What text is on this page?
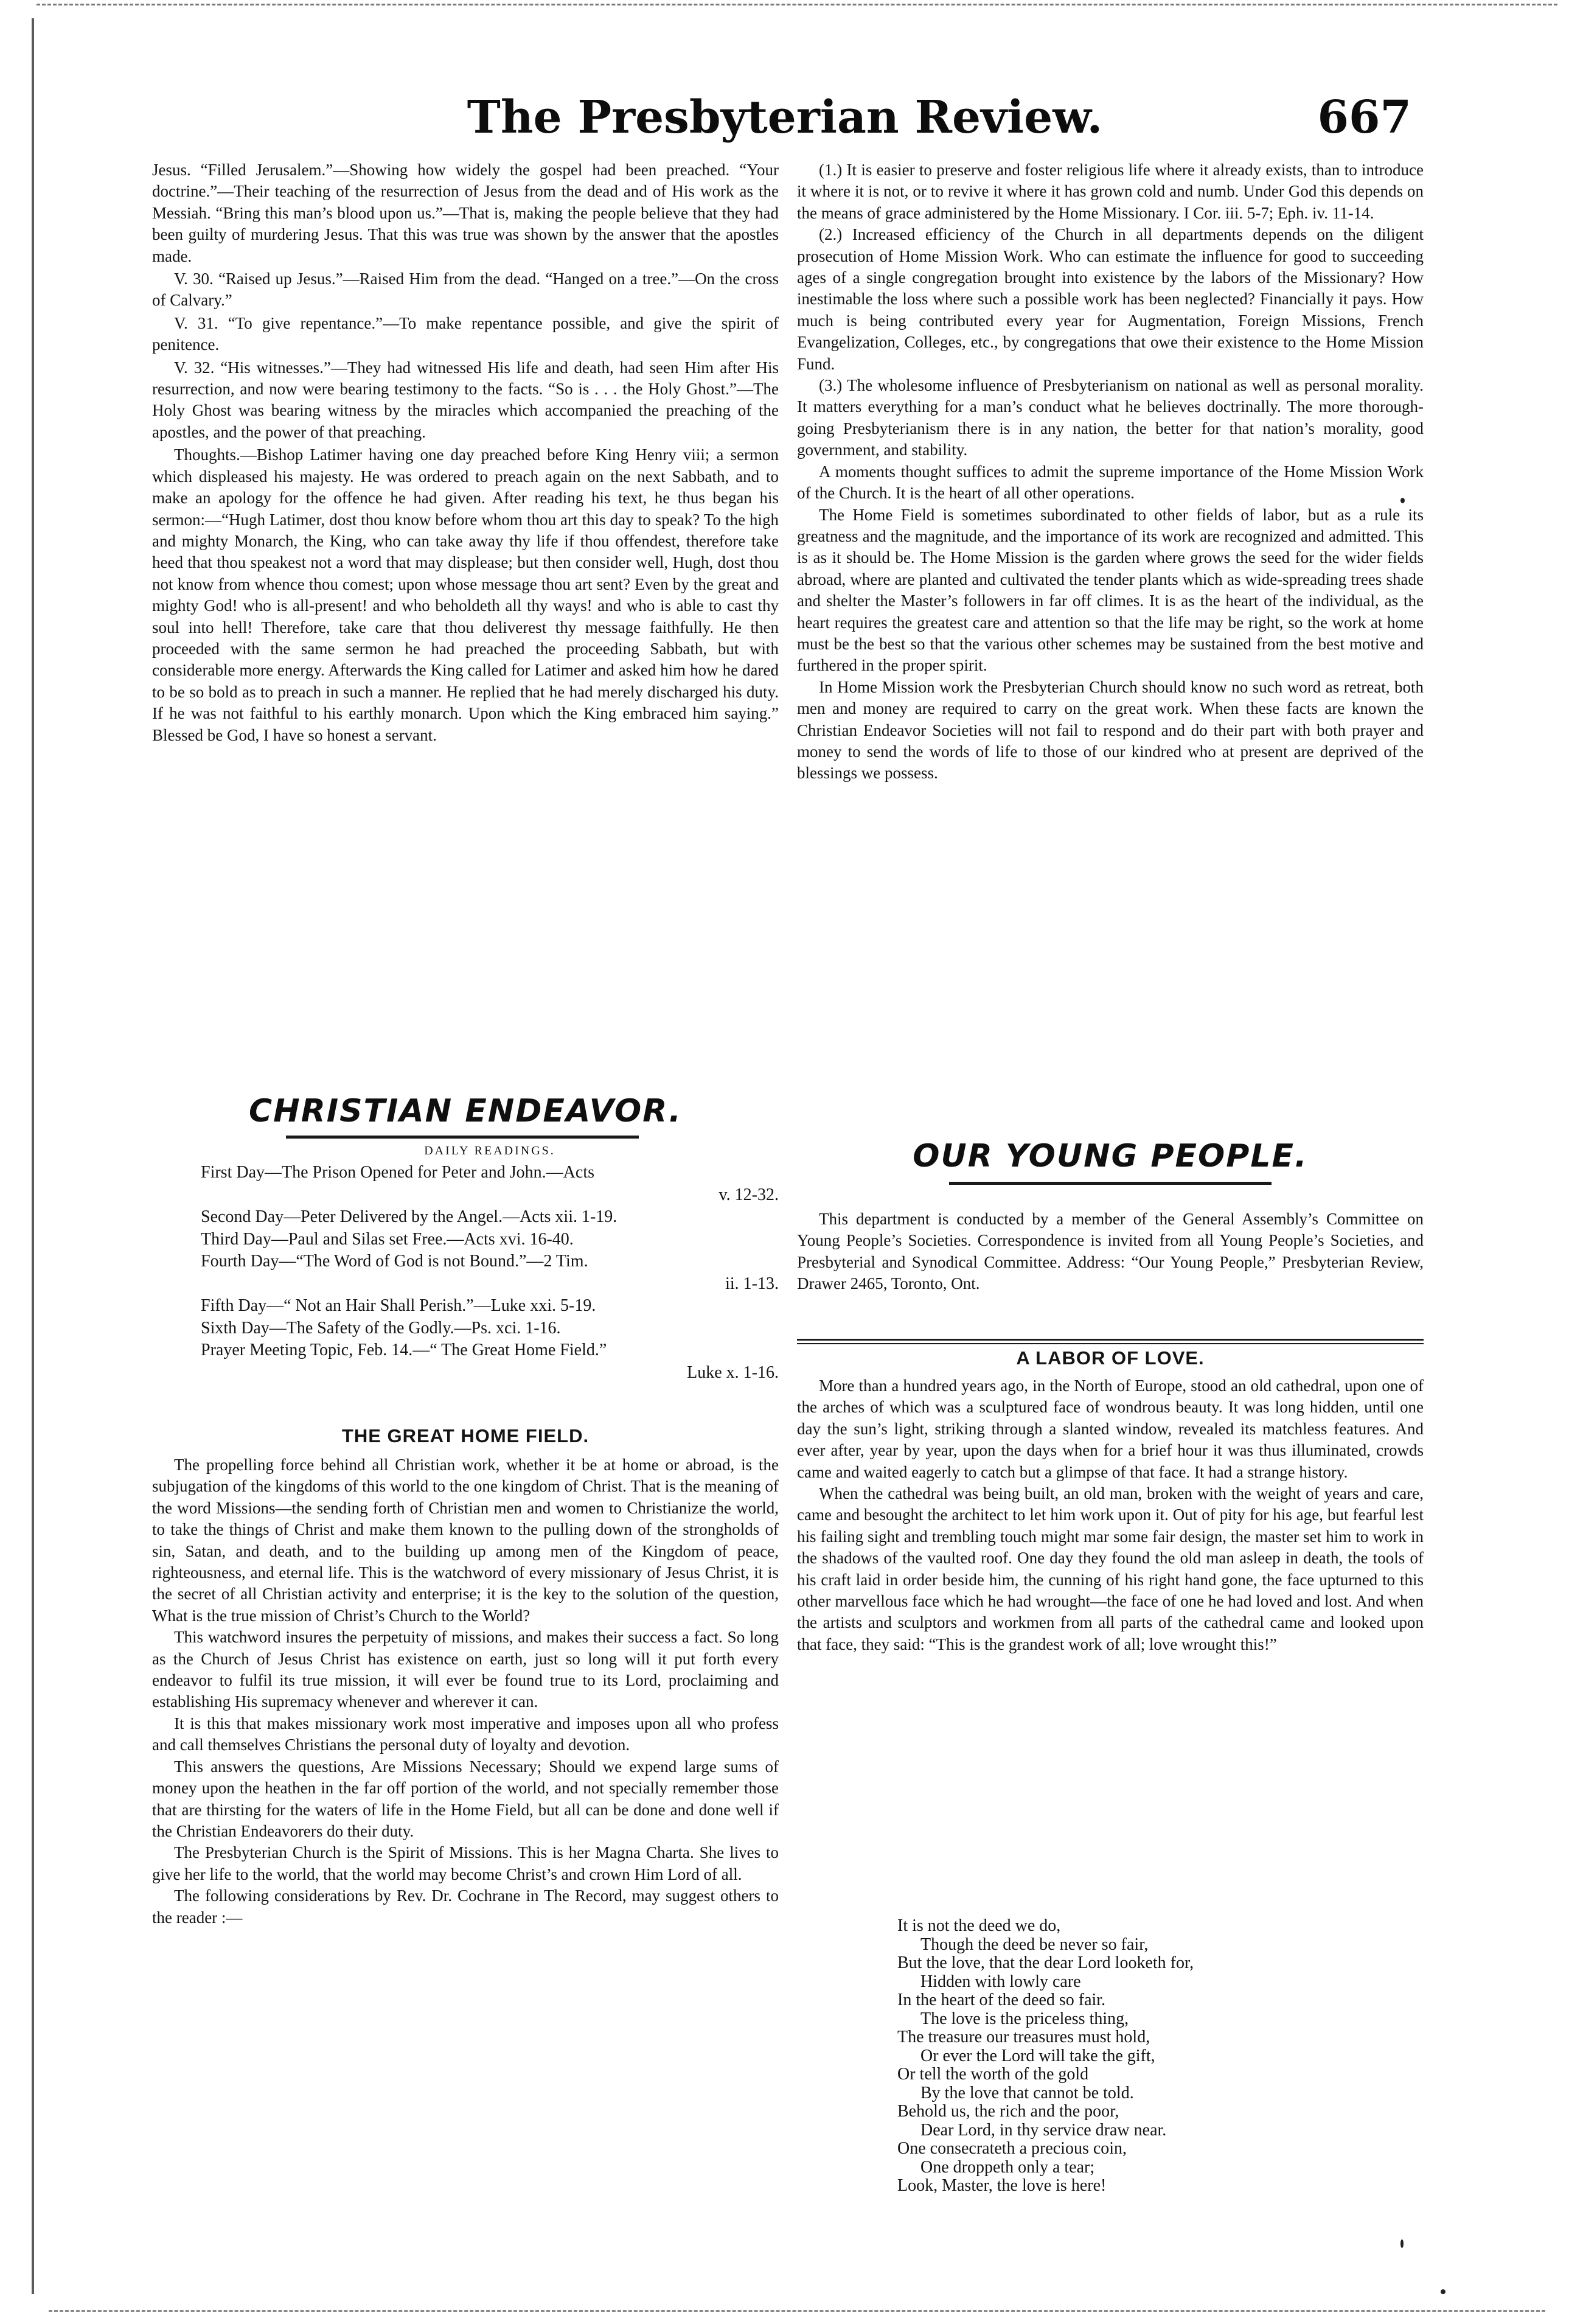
The Presbyterian Review.	667

Jesus. “Filled Jerusalem.”—Showing how widely the gospel had been preached. “Your doctrine.”—Their teaching of the resurrection of Jesus from the dead and of His work as the Messiah. “Bring this man’s blood upon us.”—That is, making the people believe that they had been guilty of murdering Jesus. That this was true was shown by the answer that the apostles made.

V. 30. “Raised up Jesus.”—Raised Him from the dead. “Hanged on a tree.”—On the cross of Calvary.”

V. 31. “To give repentance.”—To make repentance possible, and give the spirit of penitence.

V. 32. “His witnesses.”—They had witnessed His life and death, had seen Him after His resurrection, and now were bearing testimony to the facts. “So is . . . the Holy Ghost.”—The Holy Ghost was bearing witness by the miracles which accompanied the preaching of the apostles, and the power of that preaching.

Thoughts.—Bishop Latimer having one day preached before King Henry viii; a sermon which displeased his majesty. He was ordered to preach again on the next Sabbath, and to make an apology for the offence he had given. After reading his text, he thus began his sermon:—“Hugh Latimer, dost thou know before whom thou art this day to speak? To the high and mighty Monarch, the King, who can take away thy life if thou offendest, therefore take heed that thou speakest not a word that may displease; but then consider well, Hugh, dost thou not know from whence thou comest; upon whose message thou art sent? Even by the great and mighty God! who is all-present! and who beholdeth all thy ways! and who is able to cast thy soul into hell! Therefore, take care that thou deliverest thy message faithfully. He then proceeded with the same sermon he had preached the proceeding Sabbath, but with considerable more energy. Afterwards the King called for Latimer and asked him how he dared to be so bold as to preach in such a manner. He replied that he had merely discharged his duty. If he was not faithful to his earthly monarch. Upon which the King embraced him saying.” Blessed be God, I have so honest a servant.

CHRISTIAN ENDEAVOR.
DAILY READINGS.

First Day—The Prison Opened for Peter and John.—Acts

v. 12-32.

Second Day—Peter Delivered by the Angel.—Acts xii. 1-19.

Third Day—Paul and Silas set Free.—Acts xvi. 16-40.

Fourth Day—“The Word of God is not Bound.”—2 Tim.

ii. 1-13.

Fifth Day—“ Not an Hair Shall Perish.”—Luke xxi. 5-19.

Sixth Day—The Safety of the Godly.—Ps. xci. 1-16.

Prayer Meeting Topic, Feb. 14.—“ The Great Home Field.”

Luke x. 1-16.

THE GREAT HOME FIELD.

The propelling force behind all Christian work, whether it be at home or abroad, is the subjugation of the kingdoms of this world to the one kingdom of Christ. That is the meaning of the word Missions—the sending forth of Christian men and women to Christianize the world, to take the things of Christ and make them known to the pulling down of the strongholds of sin, Satan, and death, and to the building up among men of the Kingdom of peace, righteousness, and eternal life. This is the watchword of every missionary of Jesus Christ, it is the secret of all Christian activity and enterprise; it is the key to the solution of the question, What is the true mission of Christ’s Church to the World?

This watchword insures the perpetuity of missions, and makes their success a fact. So long as the Church of Jesus Christ has existence on earth, just so long will it put forth every endeavor to fulfil its true mission, it will ever be found true to its Lord, proclaiming and establishing His supremacy whenever and wherever it can.

It is this that makes missionary work most imperative and imposes upon all who profess and call themselves Christians the personal duty of loyalty and devotion.

This answers the questions, Are Missions Necessary; Should we expend large sums of money upon the heathen in the far off portion of the world, and not specially remember those that are thirsting for the waters of life in the Home Field, but all can be done and done well if the Christian Endeavorers do their duty.

The Presbyterian Church is the Spirit of Missions. This is her Magna Charta. She lives to give her life to the world, that the world may become Christ’s and crown Him Lord of all.

The following considerations by Rev. Dr. Cochrane in The Record, may suggest others to the reader :—

(1.) It is easier to preserve and foster religious life where it already exists, than to introduce it where it is not, or to revive it where it has grown cold and numb. Under God this depends on the means of grace administered by the Home Missionary. I Cor. iii. 5-7; Eph. iv. 11-14.

(2.) Increased efficiency of the Church in all departments depends on the diligent prosecution of Home Mission Work. Who can estimate the influence for good to succeeding ages of a single congregation brought into existence by the labors of the Missionary? How inestimable the loss where such a possible work has been neglected? Financially it pays. How much is being contributed every year for Augmentation, Foreign Missions, French Evangelization, Colleges, etc., by congregations that owe their existence to the Home Mission Fund.

(3.) The wholesome influence of Presbyterianism on national as well as personal morality. It matters everything for a man’s conduct what he believes doctrinally. The more thorough-going Presbyterianism there is in any nation, the better for that nation’s morality, good government, and stability.

A moments thought suffices to admit the supreme importance of the Home Mission Work of the Church. It is the heart of all other operations.

The Home Field is sometimes subordinated to other fields of labor, but as a rule its greatness and the magnitude, and the importance of its work are recognized and admitted. This is as it should be. The Home Mission is the garden where grows the seed for the wider fields abroad, where are planted and cultivated the tender plants which as wide-spreading trees shade and shelter the Master’s followers in far off climes. It is as the heart of the individual, as the heart requires the greatest care and attention so that the life may be right, so the work at home must be the best so that the various other schemes may be sustained from the best motive and furthered in the proper spirit.

In Home Mission work the Presbyterian Church should know no such word as retreat, both men and money are required to carry on the great work. When these facts are known the Christian Endeavor Societies will not fail to respond and do their part with both prayer and money to send the words of life to those of our kindred who at present are deprived of the blessings we possess.

OUR YOUNG PEOPLE.

This department is conducted by a member of the General Assembly’s Committee on Young People’s Societies. Correspondence is invited from all Young People’s Societies, and Presbyterial and Synodical Committee. Address: “Our Young People,” Presbyterian Review, Drawer 2465, Toronto, Ont.

A LABOR OF LOVE.

More than a hundred years ago, in the North of Europe, stood an old cathedral, upon one of the arches of which was a sculptured face of wondrous beauty. It was long hidden, until one day the sun’s light, striking through a slanted window, revealed its matchless features. And ever after, year by year, upon the days when for a brief hour it was thus illuminated, crowds came and waited eagerly to catch but a glimpse of that face. It had a strange history.

When the cathedral was being built, an old man, broken with the weight of years and care, came and besought the architect to let him work upon it. Out of pity for his age, but fearful lest his failing sight and trembling touch might mar some fair design, the master set him to work in the shadows of the vaulted roof. One day they found the old man asleep in death, the tools of his craft laid in order beside him, the cunning of his right hand gone, the face upturned to this other marvellous face which he had wrought—the face of one he had loved and lost. And when the artists and sculptors and workmen from all parts of the cathedral came and looked upon that face, they said: “This is the grandest work of all; love wrought this!”

It is not the deed we do,

Though the deed be never so fair,

But the love, that the dear Lord looketh for,

Hidden with lowly care

In the heart of the deed so fair.

The love is the priceless thing,

The treasure our treasures must hold,

Or ever the Lord will take the gift,

Or tell the worth of the gold

By the love that cannot be told.

Behold us, the rich and the poor,

Dear Lord, in thy service draw near.

One consecrateth a precious coin,

One droppeth only a tear;

Look, Master, the love is here!
